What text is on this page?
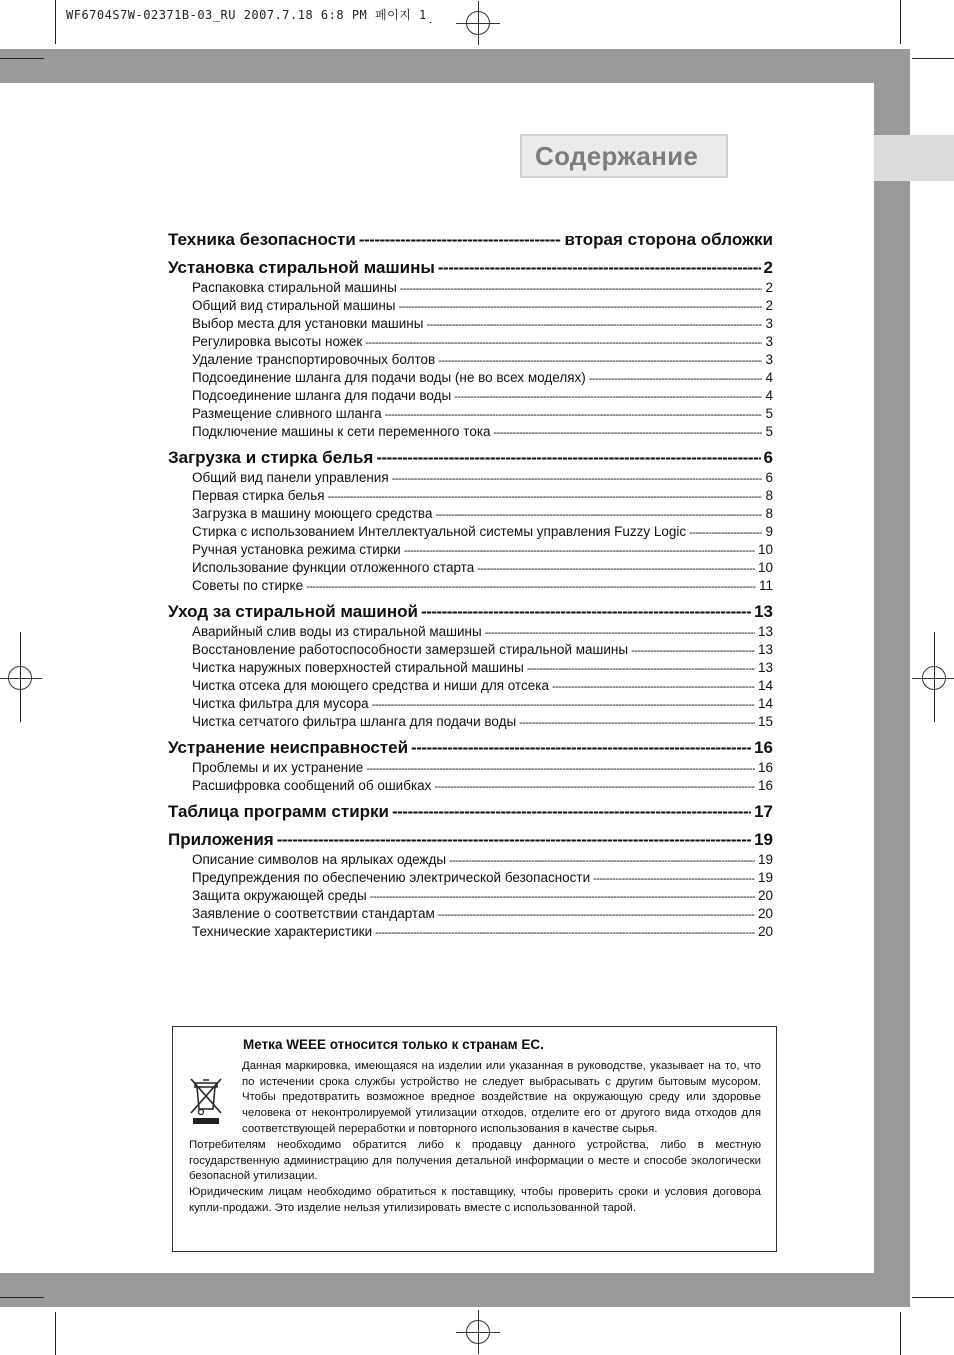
WF6704S7W-02371B-03_RU 2007.7.18 6:8 PM 페이지 1
Содержание
Техника безопасности -----	вторая сторона обложки
Установка стиральной машины -----	2
Распаковка стиральной машины -----	2
Общий вид стиральной машины -----	2
Выбор места для установки машины -----	3
Регулировка высоты ножек -----	3
Удаление транспортировочных болтов -----	3
Подсоединение шланга для подачи воды (не во всех моделях) -----	4
Подсоединение шланга для подачи воды -----	4
Размещение сливного шланга -----	5
Подключение машины к сети переменного тока -----	5
Загрузка и стирка белья -----	6
Общий вид панели управления -----	6
Первая стирка белья -----	8
Загрузка в машину моющего средства -----	8
Стирка с использованием Интеллектуальной системы управления Fuzzy Logic -----	9
Ручная установка режима стирки -----	10
Использование функции отложенного старта -----	10
Советы по стирке -----	11
Уход за стиральной машиной -----	13
Аварийный слив воды из стиральной машины -----	13
Восстановление работоспособности замерзшей стиральной машины -----	13
Чистка наружных поверхностей стиральной машины -----	13
Чистка отсека для моющего средства и ниши для отсека -----	14
Чистка фильтра для мусора -----	14
Чистка сетчатого фильтра шланга для подачи воды -----	15
Устранение неисправностей -----	16
Проблемы и их устранение -----	16
Расшифровка сообщений об ошибках -----	16
Таблица программ стирки -----	17
Приложения -----	19
Описание символов на ярлыках одежды -----	19
Предупреждения по обеспечению электрической безопасности -----	19
Защита окружающей среды -----	20
Заявление о соответствии стандартам -----	20
Технические характеристики -----	20
Метка WEEE относится только к странам ЕС.

Данная маркировка, имеющаяся на изделии или указанная в руководстве, указывает на то, что по истечении срока службы устройство не следует выбрасывать с другим бытовым мусором. Чтобы предотвратить возможное вредное воздействие на окружающую среду или здоровье человека от неконтролируемой утилизации отходов, отделите его от другого вида отходов для соответствующей переработки и повторного использования в качестве сырья.

Потребителям необходимо обратится либо к продавцу данного устройства, либо в местную государственную администрацию для получения детальной информации о месте и способе экологически безопасной утилизации.

Юридическим лицам необходимо обратиться к поставщику, чтобы проверить сроки и условия договора купли-продажи. Это изделие нельзя утилизировать вместе с использованной тарой.
